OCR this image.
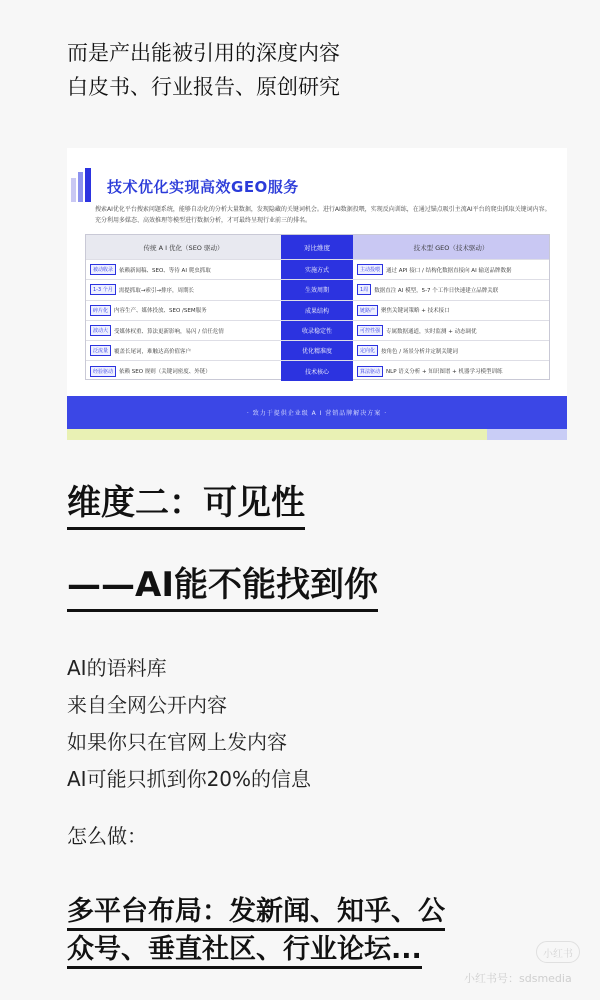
而是产出能被引用的深度内容

白皮书、行业报告、原创研究

技术优化实现高效GEO服务
搜索AI优化平台搜索问题系统，能够自动化的分析大量数据，发现隐藏的关键词机会。进行AI数据投喂，实现反向训练，在通过锚点吸引主流AI平台的爬虫抓取关键词内容。充分利用多媒态、高效推理等模型进行数据分析，才可最终呈现行业前三的排名。
传统 A I 优化（SEO 驱动）	对比维度	技术型 GEO（技术驱动）
被动收录	依赖新闻稿、SEO、等待 AI 爬虫抓取	实施方式	主动投喂	通过 API 接口 / 结构化数据直接向 AI 输送品牌数据
1-3 个月	需提抓取→索引→排序，周期长	生效周期	1周	数据直注 AI 模型，5-7 个工作日快速建立品牌关联
碎片化	内容生产、媒体投放、SEO /SEM服务	成果结构	链路产	聚焦关键词策略 + 技术接口
波动大	受媒体权重、算法更新影响，易闪 / 信任危情	收录稳定性	可控性强	专属数据通道，实时监测 + 动态调优
泛流量	覆盖长尾词，难触达高价值客户	优化精准度	定向化	按角色 / 场景分析并定制关键词
经验驱动	依赖 SEO 规则（关键词密度、外链）	技术核心	算法驱动	NLP 语义分析 + 知识图谱 + 机器学习模型训练
· 致力于提供企业级 A I 营销品牌解决方案 ·
维度二：可见性
——AI能不能找到你

AI的语料库

来自全网公开内容

如果你只在官网上发内容

AI可能只抓到你20%的信息

怎么做：
多平台布局：发新闻、知乎、公
众号、垂直社区、行业论坛...	小红书
小红书号：sdsmedia
